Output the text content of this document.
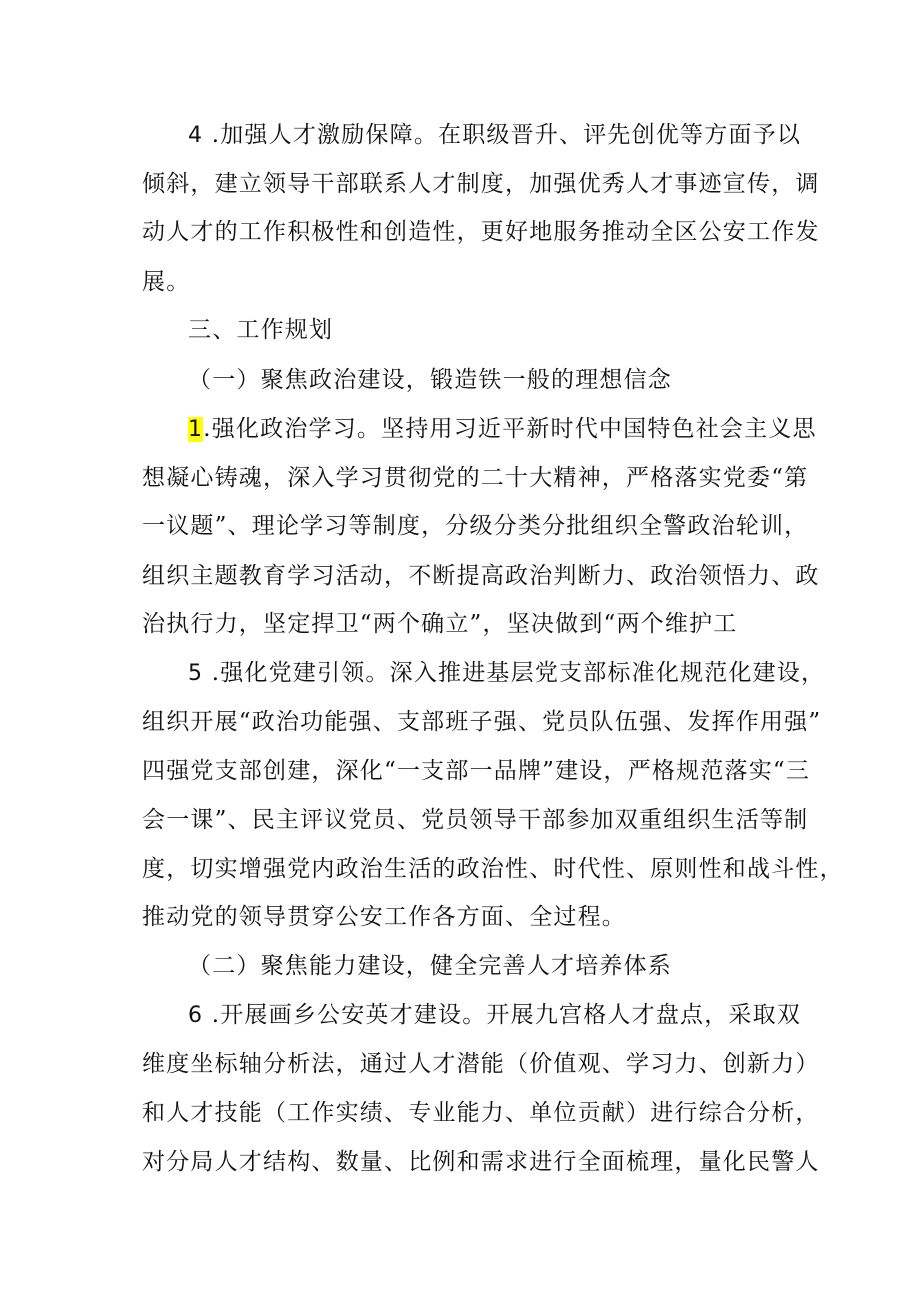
4 .加强人才激励保障。在职级晋升、评先创优等方面予以
倾斜，建立领导干部联系人才制度，加强优秀人才事迹宣传，调
动人才的工作积极性和创造性，更好地服务推动全区公安工作发
展。
三、工作规划
（一）聚焦政治建设，锻造铁一般的理想信念
1.强化政治学习。坚持用习近平新时代中国特色社会主义思
想凝心铸魂，深入学习贯彻党的二十大精神，严格落实党委“第
一议题”、理论学习等制度，分级分类分批组织全警政治轮训，
组织主题教育学习活动，不断提高政治判断力、政治领悟力、政
治执行力，坚定捍卫“两个确立”，坚决做到“两个维护工
5 .强化党建引领。深入推进基层党支部标准化规范化建设，
组织开展“政治功能强、支部班子强、党员队伍强、发挥作用强”
四强党支部创建，深化“一支部一品牌”建设，严格规范落实“三
会一课”、民主评议党员、党员领导干部参加双重组织生活等制
度，切实增强党内政治生活的政治性、时代性、原则性和战斗性，
推动党的领导贯穿公安工作各方面、全过程。
（二）聚焦能力建设，健全完善人才培养体系
6 .开展画乡公安英才建设。开展九宫格人才盘点，采取双
维度坐标轴分析法，通过人才潜能（价值观、学习力、创新力）
和人才技能（工作实绩、专业能力、单位贡献）进行综合分析，
对分局人才结构、数量、比例和需求进行全面梳理，量化民警人
